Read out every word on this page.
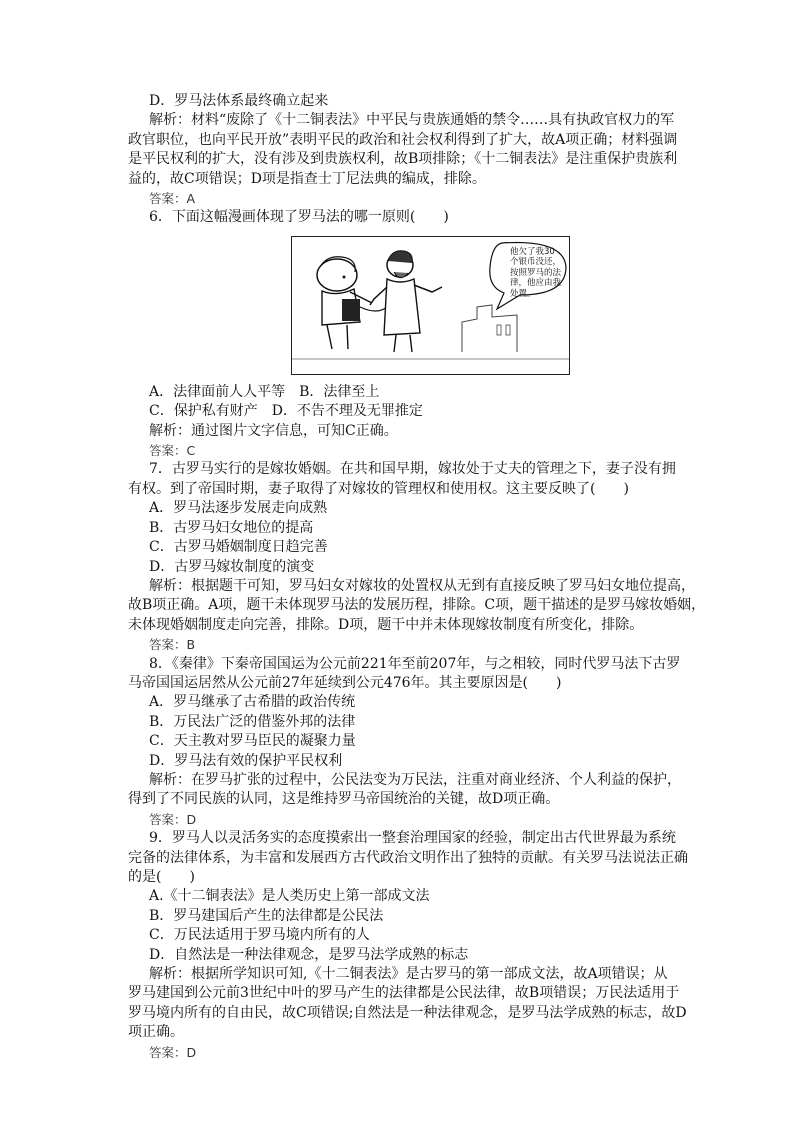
D．罗马法体系最终确立起来

解析：材料“废除了《十二铜表法》中平民与贵族通婚的禁令……具有执政官权力的军

政官职位，也向平民开放”表明平民的政治和社会权利得到了扩大，故A项正确；材料强调

是平民权利的扩大，没有涉及到贵族权利，故B项排除；《十二铜表法》是注重保护贵族利

益的，故C项错误；D项是指查士丁尼法典的编成，排除。

答案：A

6．下面这幅漫画体现了罗马法的哪一原则(　　)

他欠了我30个银币没还，按照罗马的法律，他应由我处置。

A．法律面前人人平等　B．法律至上

C．保护私有财产　D．不告不理及无罪推定

解析：通过图片文字信息，可知C正确。

答案：C

7．古罗马实行的是嫁妆婚姻。在共和国早期，嫁妆处于丈夫的管理之下，妻子没有拥

有权。到了帝国时期，妻子取得了对嫁妆的管理权和使用权。这主要反映了(　　)

A．罗马法逐步发展走向成熟

B．古罗马妇女地位的提高

C．古罗马婚姻制度日趋完善

D．古罗马嫁妆制度的演变

解析：根据题干可知，罗马妇女对嫁妆的处置权从无到有直接反映了罗马妇女地位提高，

故B项正确。A项，题干未体现罗马法的发展历程，排除。C项，题干描述的是罗马嫁妆婚姻，

未体现婚姻制度走向完善，排除。D项，题干中并未体现嫁妆制度有所变化，排除。

答案：B

8．《秦律》下秦帝国国运为公元前221年至前207年，与之相较，同时代罗马法下古罗

马帝国国运居然从公元前27年延续到公元476年。其主要原因是(　　)

A．罗马继承了古希腊的政治传统

B．万民法广泛的借鉴外邦的法律

C．天主教对罗马臣民的凝聚力量

D．罗马法有效的保护平民权利

解析：在罗马扩张的过程中，公民法变为万民法，注重对商业经济、个人利益的保护，

得到了不同民族的认同，这是维持罗马帝国统治的关键，故D项正确。

答案：D

9．罗马人以灵活务实的态度摸索出一整套治理国家的经验，制定出古代世界最为系统

完备的法律体系，为丰富和发展西方古代政治文明作出了独特的贡献。有关罗马法说法正确

的是(　　)

A.《十二铜表法》是人类历史上第一部成文法

B．罗马建国后产生的法律都是公民法

C．万民法适用于罗马境内所有的人

D．自然法是一种法律观念，是罗马法学成熟的标志

解析：根据所学知识可知,《十二铜表法》是古罗马的第一部成文法，故A项错误；从

罗马建国到公元前3世纪中叶的罗马产生的法律都是公民法律，故B项错误；万民法适用于

罗马境内所有的自由民，故C项错误;自然法是一种法律观念，是罗马法学成熟的标志，故D

项正确。

答案：D
